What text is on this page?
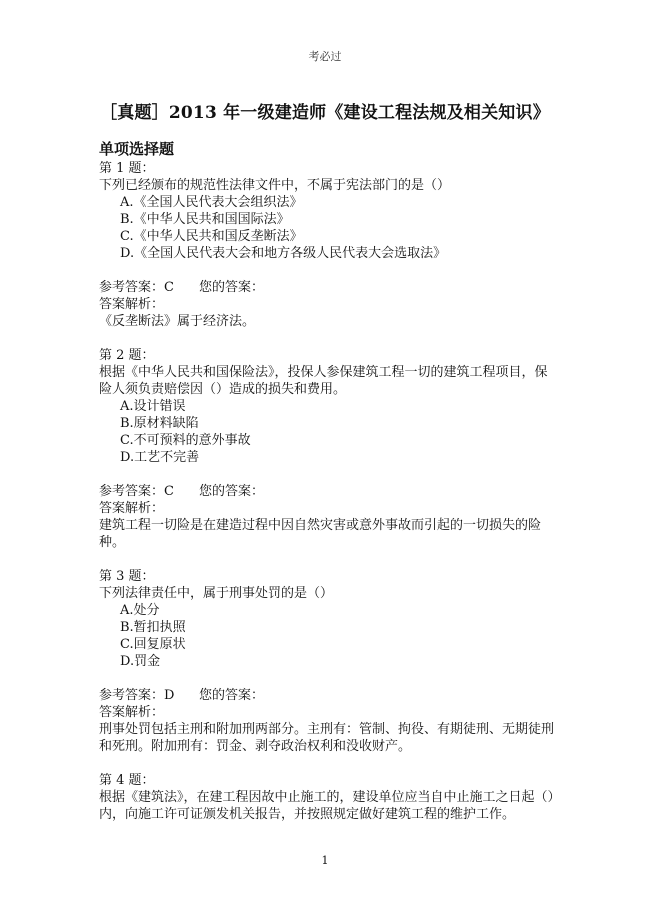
考必过
［真题］2013 年一级建造师《建设工程法规及相关知识》
单项选择题

第 1 题：

下列已经颁布的规范性法律文件中，不属于宪法部门的是（）

A.《全国人民代表大会组织法》
B.《中华人民共和国国际法》
C.《中华人民共和国反垄断法》
D.《全国人民代表大会和地方各级人民代表大会选取法》
参考答案：C 您的答案：

答案解析：

《反垄断法》属于经济法。

第 2 题：

根据《中华人民共和国保险法》，投保人参保建筑工程一切的建筑工程项目，保险人须负责赔偿因（）造成的损失和费用。

A.设计错误
B.原材料缺陷
C.不可预料的意外事故
D.工艺不完善
参考答案：C 您的答案：

答案解析：

建筑工程一切险是在建造过程中因自然灾害或意外事故而引起的一切损失的险种。

第 3 题：

下列法律责任中，属于刑事处罚的是（）

A.处分
B.暂扣执照
C.回复原状
D.罚金
参考答案：D 您的答案：

答案解析：

刑事处罚包括主刑和附加刑两部分。主刑有：管制、拘役、有期徒刑、无期徒刑和死刑。附加刑有：罚金、剥夺政治权利和没收财产。

第 4 题：

根据《建筑法》，在建工程因故中止施工的，建设单位应当自中止施工之日起（）内，向施工许可证颁发机关报告，并按照规定做好建筑工程的维护工作。

1
